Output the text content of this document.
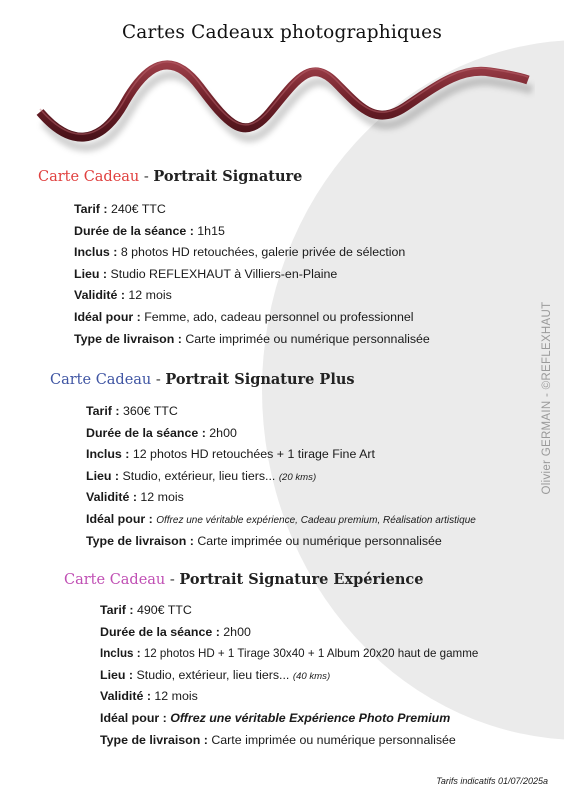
Cartes Cadeaux photographiques
Carte Cadeau - Portrait Signature
Tarif : 240€ TTC
Durée de la séance : 1h15
Inclus : 8 photos HD retouchées, galerie privée de sélection
Lieu : Studio REFLEXHAUT à Villiers-en-Plaine
Validité : 12 mois
Idéal pour : Femme, ado, cadeau personnel ou professionnel
Type de livraison : Carte imprimée ou numérique personnalisée
Carte Cadeau - Portrait Signature Plus
Tarif : 360€ TTC
Durée de la séance : 2h00
Inclus : 12 photos HD retouchées + 1 tirage Fine Art
Lieu : Studio, extérieur, lieu tiers... (20 kms)
Validité : 12 mois
Idéal pour : Offrez une véritable expérience, Cadeau premium, Réalisation artistique
Type de livraison : Carte imprimée ou numérique personnalisée
Carte Cadeau - Portrait Signature Expérience
Tarif : 490€ TTC
Durée de la séance : 2h00
Inclus : 12 photos HD + 1 Tirage 30x40 + 1 Album 20x20 haut de gamme
Lieu : Studio, extérieur, lieu tiers... (40 kms)
Validité : 12 mois
Idéal pour : Offrez une véritable Expérience Photo Premium
Type de livraison : Carte imprimée ou numérique personnalisée
Olivier GERMAIN - ©REFLEXHAUT
Tarifs indicatifs 01/07/2025a
